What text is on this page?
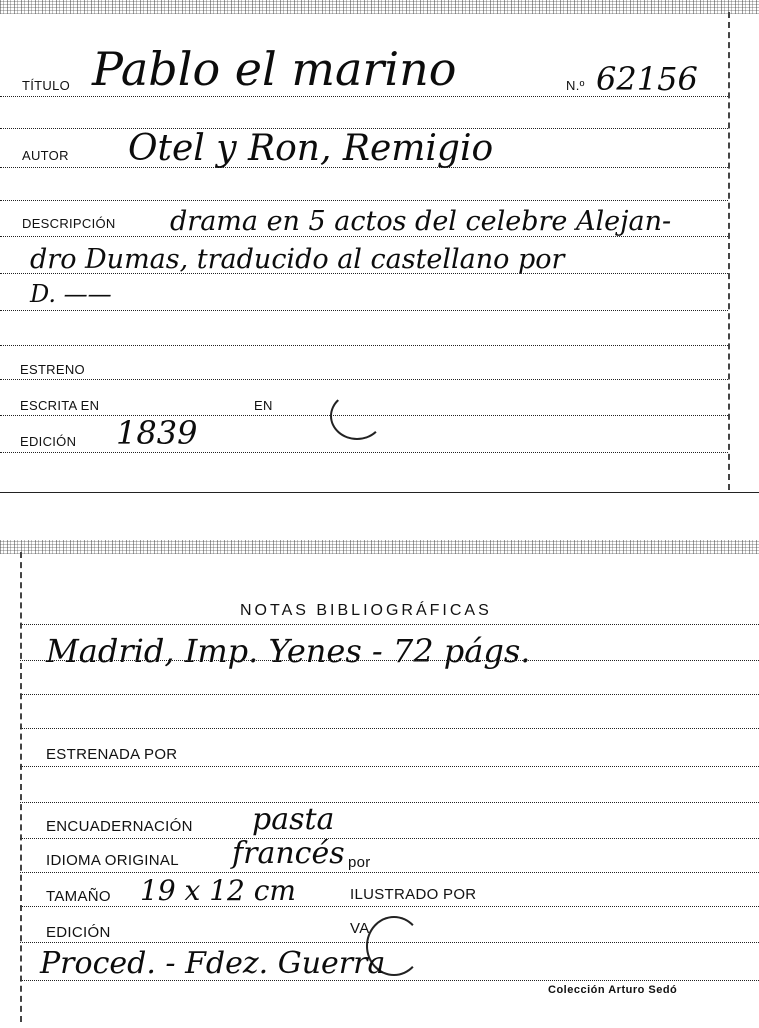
TÍTULO Pablo el marino	N.º 62156
AUTOR Otel y Ron, Remigio
DESCRIPCIÓN drama en 5 actos del celebre Alejan-
dro Dumas, traducido al castellano por
D. ——
ESTRENO
ESCRITA EN	EN
EDICIÓN 1839
NOTAS BIBLIOGRÁFICAS
Madrid, Imp. Yenes - 72 págs.
ESTRENADA POR
ENCUADERNACIÓN pasta
IDIOMA ORIGINAL francés por
TAMAÑO 19 x 12 cm	ILUSTRADO POR
EDICIÓN	VA
Proced. - Fdez. Guerra
Colección Arturo Sedó
